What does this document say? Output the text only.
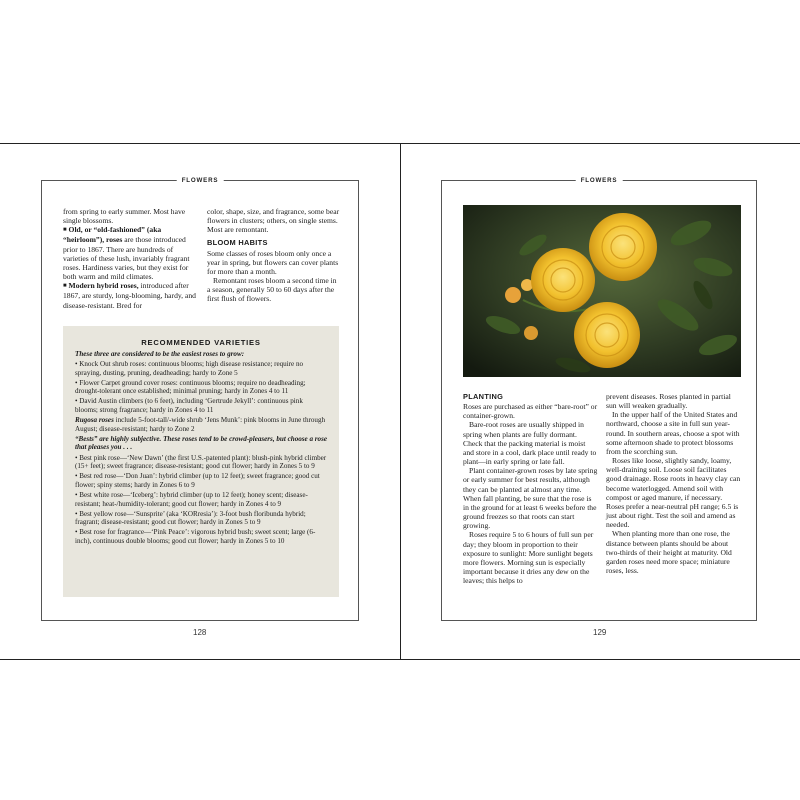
FLOWERS	FLOWERS

from spring to early summer. Most have single blossoms.

■ Old, or “old-fashioned” (aka “heirloom”), roses are those introduced prior to 1867. There are hundreds of varieties of these lush, invariably fragrant roses. Hardiness varies, but they exist for both warm and mild climates.

■ Modern hybrid roses, introduced after 1867, are sturdy, long-blooming, hardy, and disease-resistant. Bred for

color, shape, size, and fragrance, some bear flowers in clusters; others, on single stems. Most are remontant.

BLOOM HABITS

Some classes of roses bloom only once a year in spring, but flowers can cover plants for more than a month.

Remontant roses bloom a second time in a season, generally 50 to 60 days after the first flush of flowers.

RECOMMENDED VARIETIES

These three are considered to be the easiest roses to grow:

• Knock Out shrub roses: continuous blooms; high disease resistance; require no spraying, dusting, pruning, deadheading; hardy to Zone 5

• Flower Carpet ground cover roses: continuous blooms; require no deadheading; drought-tolerant once established; minimal pruning; hardy in Zones 4 to 11

• David Austin climbers (to 6 feet), including ‘Gertrude Jekyll’: continuous pink blooms; strong fragrance; hardy in Zones 4 to 11

Rugosa roses include 5-foot-tall/-wide shrub ‘Jens Munk’: pink blooms in June through August; disease-resistant; hardy to Zone 2

“Bests” are highly subjective. These roses tend to be crowd-pleasers, but choose a rose that pleases you . . .

• Best pink rose—‘New Dawn’ (the first U.S.-patented plant): blush-pink hybrid climber (15+ feet); sweet fragrance; disease-resistant; good cut flower; hardy in Zones 5 to 9

• Best red rose—‘Don Juan’: hybrid climber (up to 12 feet); sweet fragrance; good cut flower; spiny stems; hardy in Zones 6 to 9

• Best white rose—‘Iceberg’: hybrid climber (up to 12 feet); honey scent; disease-resistant; heat-/humidity-tolerant; good cut flower; hardy in Zones 4 to 9

• Best yellow rose—‘Sunsprite’ (aka ‘KORresia’): 3-foot bush floribunda hybrid; fragrant; disease-resistant; good cut flower; hardy in Zones 5 to 9

• Best rose for fragrance—‘Pink Peace’: vigorous hybrid bush; sweet scent; large (6-inch), continuous double blooms; good cut flower; hardy in Zones 5 to 10

128
PLANTING

Roses are purchased as either “bare-root” or container-grown.

Bare-root roses are usually shipped in spring when plants are fully dormant. Check that the packing material is moist and store in a cool, dark place until ready to plant—in early spring or late fall.

Plant container-grown roses by late spring or early summer for best results, although they can be planted at almost any time. When fall planting, be sure that the rose is in the ground for at least 6 weeks before the ground freezes so that roots can start growing.

Roses require 5 to 6 hours of full sun per day; they bloom in proportion to their exposure to sunlight: More sunlight begets more flowers. Morning sun is especially important because it dries any dew on the leaves; this helps to

prevent diseases. Roses planted in partial sun will weaken gradually.

In the upper half of the United States and northward, choose a site in full sun year-round. In southern areas, choose a spot with some afternoon shade to protect blossoms from the scorching sun.

Roses like loose, slightly sandy, loamy, well-draining soil. Loose soil facilitates good drainage. Rose roots in heavy clay can become waterlogged. Amend soil with compost or aged manure, if necessary. Roses prefer a near-neutral pH range; 6.5 is just about right. Test the soil and amend as needed.

When planting more than one rose, the distance between plants should be about two-thirds of their height at maturity. Old garden roses need more space; miniature roses, less.

129
